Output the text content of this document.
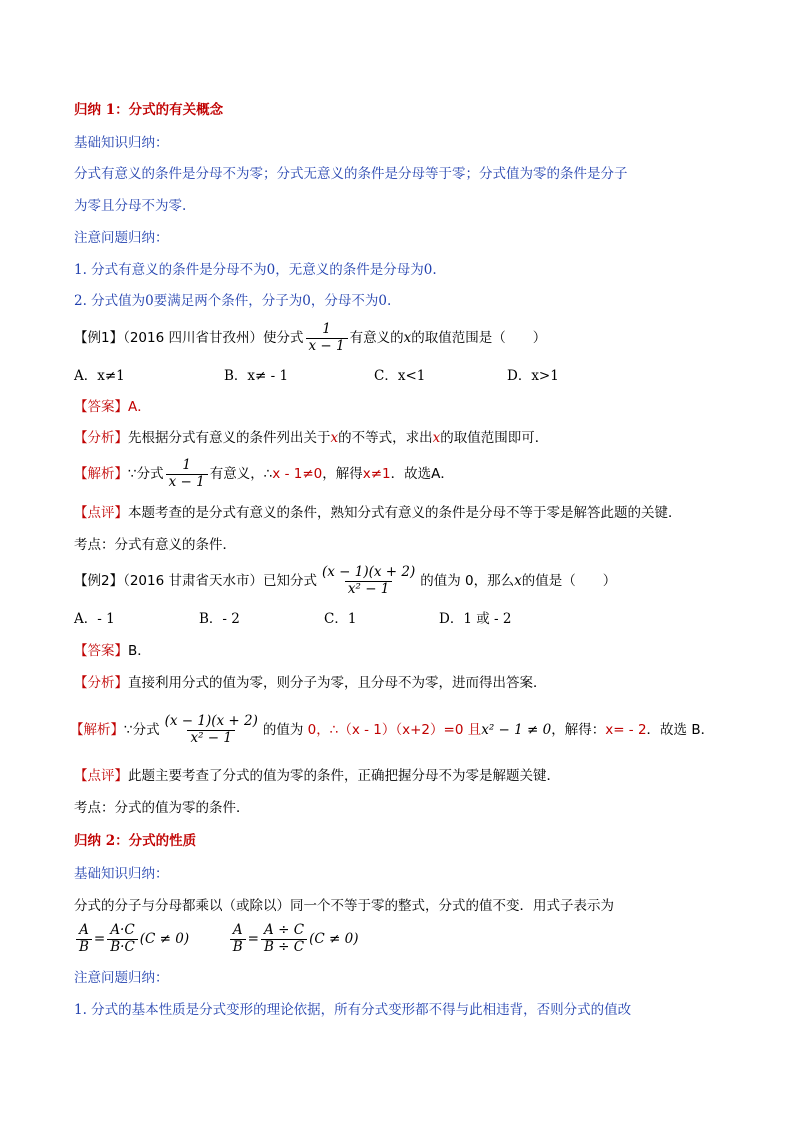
归纳 1：分式的有关概念
基础知识归纳：
分式有意义的条件是分母不为零；分式无意义的条件是分母等于零；分式值为零的条件是分子
为零且分母不为零.
注意问题归纳：
1. 分式有意义的条件是分母不为0，无意义的条件是分母为0.
2. 分式值为0要满足两个条件，分子为0，分母不为0.
【例1】（2016 四川省甘孜州）使分式 $\frac{1}{x - 1}$ 有意义的x的取值范围是（　　）
A．x≠1	B．x≠ - 1	C．x<1	D．x>1
【答案】A．
【分析】先根据分式有意义的条件列出关于x的不等式，求出x的取值范围即可．
【解析】∵分式 $\frac{1}{x - 1}$ 有意义，∴x - 1≠0，解得x≠1．故选A．
【点评】本题考查的是分式有意义的条件，熟知分式有意义的条件是分母不等于零是解答此题的关键．
考点：分式有意义的条件．
【例2】（2016 甘肃省天水市）已知分式 $\frac{(x - 1)(x + 2)}{\text{x² − 1}}$ 的值为 0，那么x的值是（　　）
A．- 1	B．- 2	C．1	D．1 或 - 2
【答案】B．
【分析】直接利用分式的值为零，则分子为零，且分母不为零，进而得出答案．
【解析】∵分式 $\frac{(x - 1)(x + 2)}{\text{x² − 1}}$ 的值为 0，∴（x - 1）（x+2）=0 且x² − 1 ≠ 0，解得：x= - 2．故选 B．
【点评】此题主要考查了分式的值为零的条件，正确把握分母不为零是解题关键．
考点：分式的值为零的条件．
归纳 2：分式的性质
基础知识归纳：
分式的分子与分母都乘以（或除以）同一个不等于零的整式，分式的值不变．用式子表示为
$\frac{A}{B} = \frac{A\cdot C}{B\cdot C} (C \ne 0)$	$\frac{A}{B} = \frac{A \div C}{B \div C} (C \ne 0)$
注意问题归纳：
1. 分式的基本性质是分式变形的理论依据，所有分式变形都不得与此相违背，否则分式的值改
